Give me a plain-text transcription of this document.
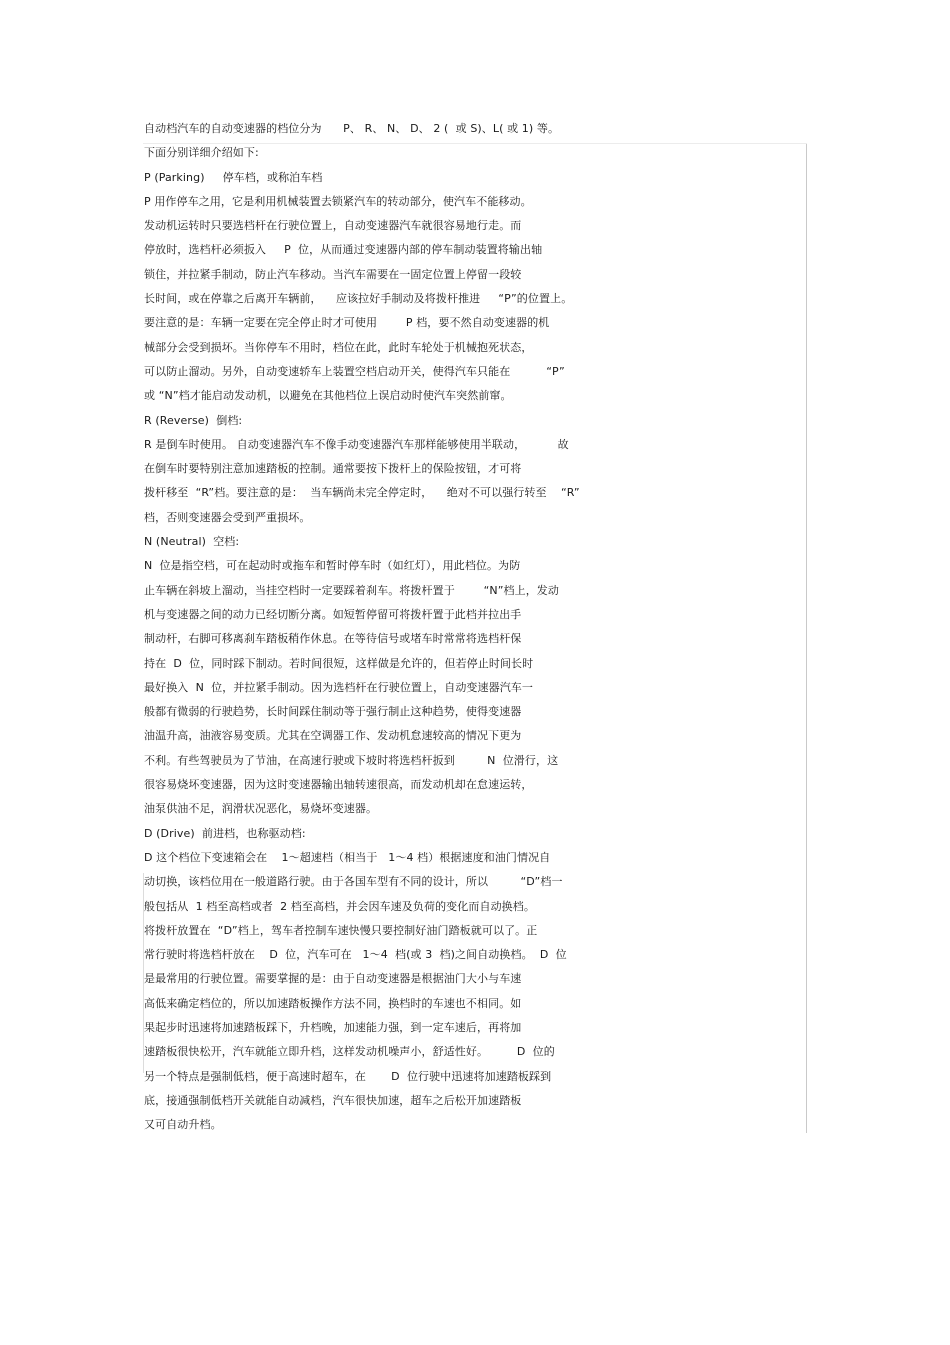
自动档汽车的自动变速器的档位分为      P、 R、 N、 D、 2 (  或 S)、L( 或 1) 等。
下面分别详细介绍如下:
P (Parking)     停车档，或称泊车档
P 用作停车之用，它是利用机械装置去锁紧汽车的转动部分，使汽车不能移动。
发动机运转时只要选档杆在行驶位置上，自动变速器汽车就很容易地行走。而
停放时，选档杆必须扳入     P  位，从而通过变速器内部的停车制动装置将输出轴
锁住，并拉紧手制动，防止汽车移动。当汽车需要在一固定位置上停留一段较
长时间，或在停靠之后离开车辆前，    应该拉好手制动及将拨杆推进     “P”的位置上。
要注意的是：车辆一定要在完全停止时才可使用        P 档，要不然自动变速器的机
械部分会受到损坏。当你停车不用时，档位在此，此时车轮处于机械抱死状态，
可以防止溜动。另外，自动变速轿车上装置空档启动开关，使得汽车只能在          “P”
或 “N”档才能启动发动机，以避免在其他档位上误启动时使汽车突然前窜。
R (Reverse)  倒档:
R 是倒车时使用。 自动变速器汽车不像手动变速器汽车那样能够使用半联动，         故
在倒车时要特别注意加速踏板的控制。通常要按下拨杆上的保险按钮，才可将
拨杆移至  “R”档。要注意的是：  当车辆尚未完全停定时，    绝对不可以强行转至    “R”
档，否则变速器会受到严重损坏。
N (Neutral)  空档:
N  位是指空档，可在起动时或拖车和暂时停车时（如红灯），用此档位。为防
止车辆在斜坡上溜动，当挂空档时一定要踩着刹车。将拨杆置于        “N”档上，发动
机与变速器之间的动力已经切断分离。如短暂停留可将拨杆置于此档并拉出手
制动杆，右脚可移离刹车踏板稍作休息。在等待信号或堵车时常常将选档杆保
持在  D  位，同时踩下制动。若时间很短，这样做是允许的，但若停止时间长时
最好换入  N  位，并拉紧手制动。因为选档杆在行驶位置上，自动变速器汽车一
般都有微弱的行驶趋势，长时间踩住制动等于强行制止这种趋势，使得变速器
油温升高，油液容易变质。尤其在空调器工作、发动机怠速较高的情况下更为
不利。有些驾驶员为了节油，在高速行驶或下坡时将选档杆扳到         N  位滑行，这
很容易烧坏变速器，因为这时变速器输出轴转速很高，而发动机却在怠速运转，
油泵供油不足，润滑状况恶化，易烧坏变速器。
D (Drive)  前进档，也称驱动档:
D 这个档位下变速箱会在    1～超速档（相当于   1～4 档）根据速度和油门情况自
动切换，该档位用在一般道路行驶。由于各国车型有不同的设计，所以         “D”档一
般包括从  1 档至高档或者  2 档至高档，并会因车速及负荷的变化而自动换档。
将拨杆放置在  “D”档上，驾车者控制车速快慢只要控制好油门踏板就可以了。正
常行驶时将选档杆放在    D  位，汽车可在   1～4  档(或 3  档)之间自动换档。  D  位
是最常用的行驶位置。需要掌握的是：由于自动变速器是根据油门大小与车速
高低来确定档位的，所以加速踏板操作方法不同，换档时的车速也不相同。如
果起步时迅速将加速踏板踩下，升档晚，加速能力强，到一定车速后，再将加
速踏板很快松开，汽车就能立即升档，这样发动机噪声小，舒适性好。        D  位的
另一个特点是强制低档，便于高速时超车，在       D  位行驶中迅速将加速踏板踩到
底，接通强制低档开关就能自动减档，汽车很快加速，超车之后松开加速踏板
又可自动升档。
